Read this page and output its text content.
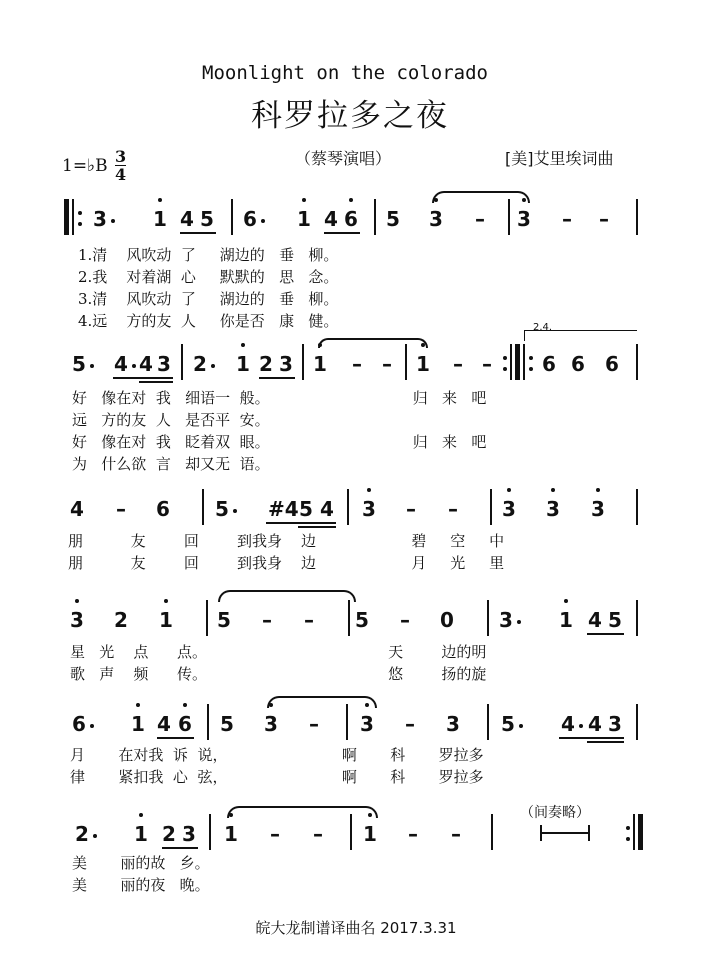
Moonlight on the colorado
科罗拉多之夜
（蔡琴演唱）	[美]艾里埃词曲
1=♭B $\frac{3}{4}$
3 1 4 5 6 1 4 6 5 3 – 3 – –
1.清    风吹动  了     湖边的   垂   柳。
2.我    对着湖  心     默默的   思   念。
3.清    风吹动  了     湖边的   垂   柳。
4.远    方的友  人     你是否   康   健。	2.4.
5 4 4 3 2 1 2 3 1 – – 1 – –	6 6 6
好   像在对  我   细语一  般。                              归   来   吧
远   方的友  人   是否平  安。
好   像在对  我   眨着双  眼。                              归   来   吧
为   什么欲  言   却又无  语。
4 – 6 5 #4 5 4 3 – – 3 3 3
朋          友        回        到我身    边                    碧     空     中
朋          友        回        到我身    边                    月     光     里
3 2 1 5 – – 5 – 0 3 1 4 5
星   光    点      点。                                      天        边的明
歌   声    频      传。                                      悠        扬的旋
6 1 4 6 5 3 – 3 – 3 5 4 4 3
月       在对我  诉  说，                        啊       科       罗拉多
律       紧扣我  心  弦，                        啊       科       罗拉多
2 1 2 3 1 – – 1 – –
（间奏略）
美       丽的故   乡。
美       丽的夜   晚。
皖大龙制谱译曲名 2017.3.31
